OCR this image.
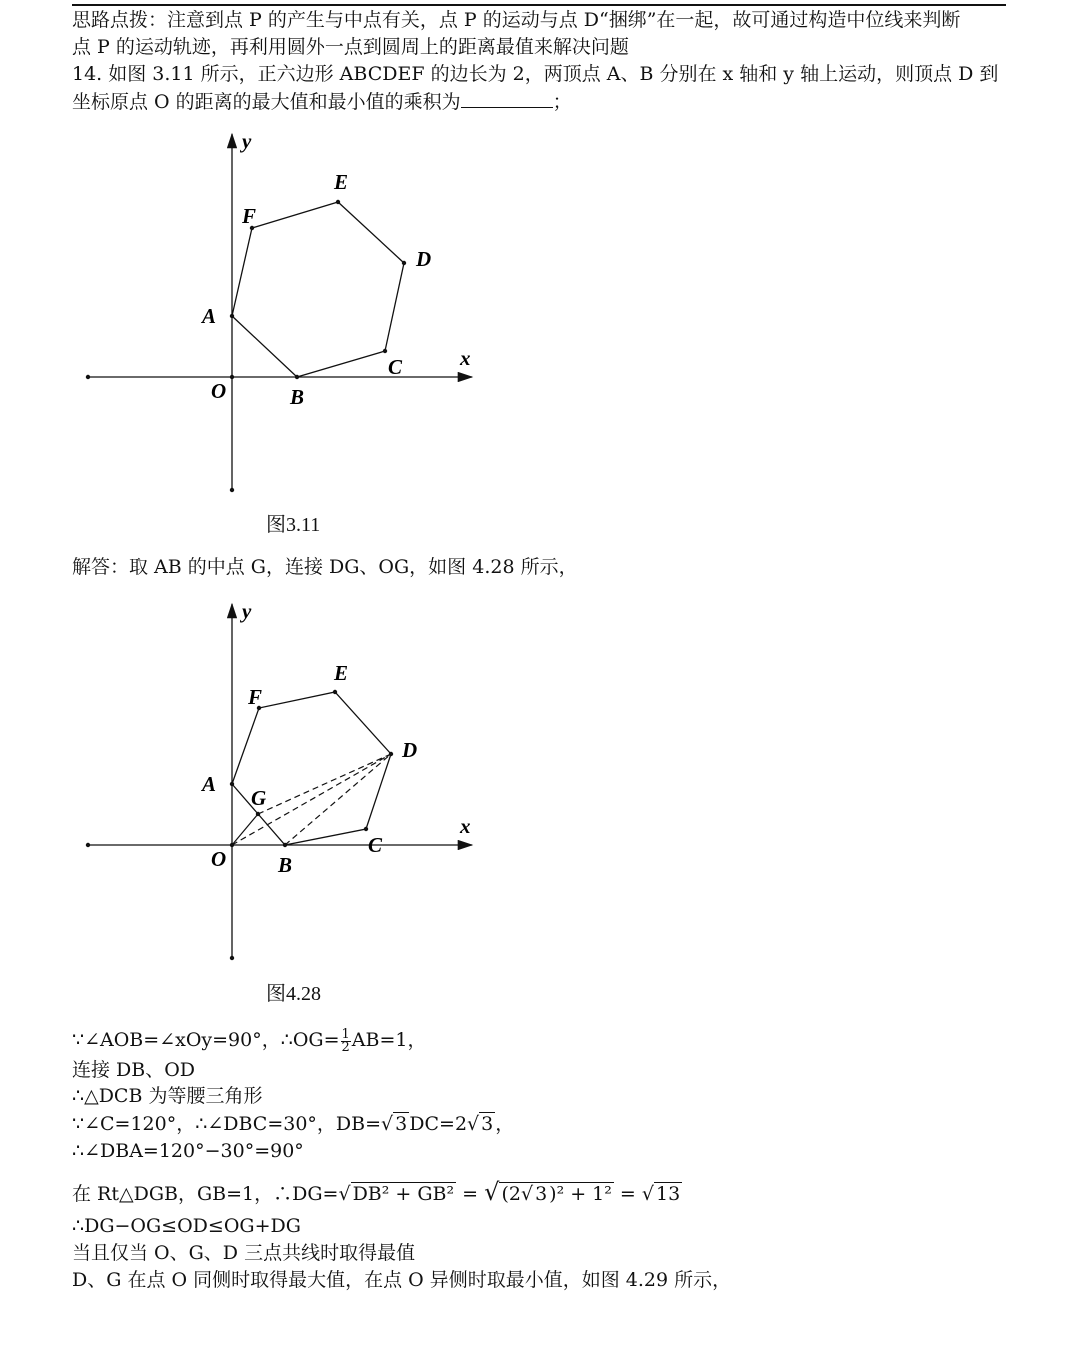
思路点拨：注意到点 P 的产生与中点有关，点 P 的运动与点 D“捆绑”在一起，故可通过构造中位线来判断
点 P 的运动轨迹，再利用圆外一点到圆周上的距离最值来解决问题
14. 如图 3.11 所示，正六边形 ABCDEF 的边长为 2，两顶点 A、B 分别在 x 轴和 y 轴上运动，则顶点 D 到
坐标原点 O 的距离的最大值和最小值的乘积为	；
x
y
O
A
B
C
D
E
F
图3.11
解答：取 AB 的中点 G，连接 DG、OG，如图 4.28 所示，
x
y
O
A
B
C
D
E
F
G
图4.28
∵∠AOB=∠xOy=90°，∴OG= $\frac{1}{2} AB=1$，
连接 DB、OD
∴△DCB 为等腰三角形
∵∠C=120°，∴∠DBC=30°，DB=√ 3 DC=2√ 3 ，
∴∠DBA=120°−30°=90°
在 Rt△DGB，GB=1，∴DG=√ DB² + GB² = √ (2√ 3 )² + 1² = √ 13
∴DG−OG≤OD≤OG+DG
当且仅当 O、G、D 三点共线时取得最值
D、G 在点 O 同侧时取得最大值，在点 O 异侧时取最小值，如图 4.29 所示，
